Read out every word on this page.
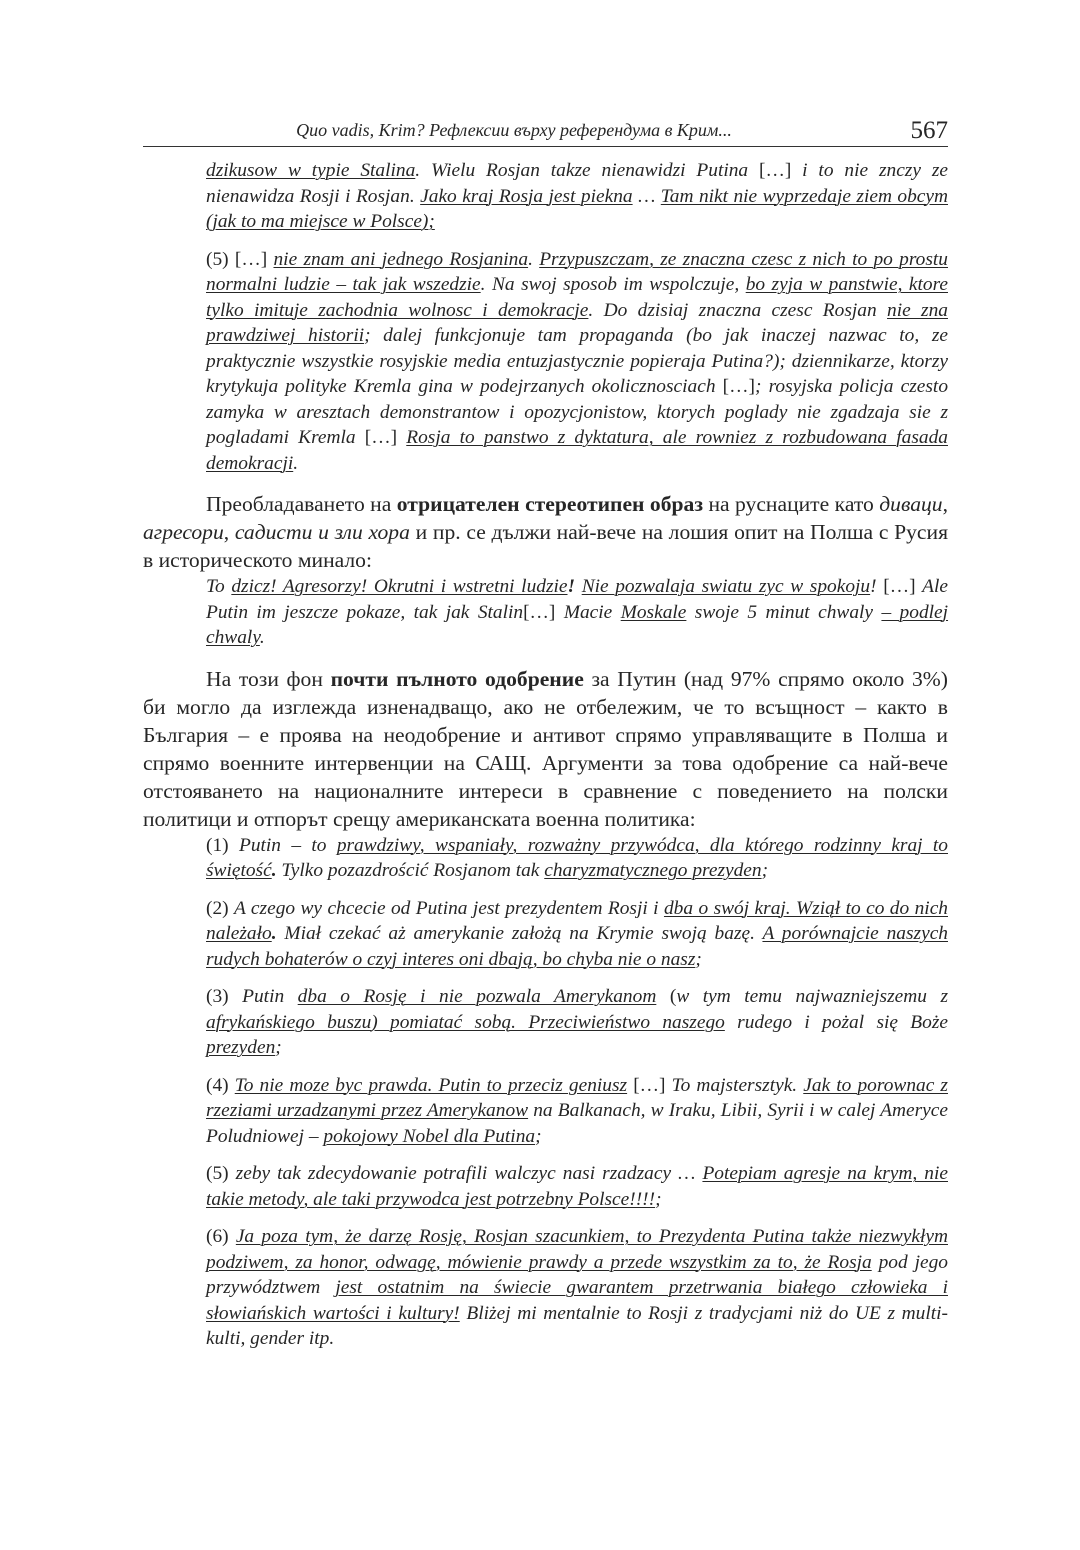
Quo vadis, Krim? Рефлексии върху референдума в Крим...	567
dzikusow w typie Stalina. Wielu Rosjan takze nienawidzi Putina […] i to nie znczy ze nienawidza Rosji i Rosjan. Jako kraj Rosja jest piekna … Tam nikt nie wyprzedaje ziem obcym (jak to ma miejsce w Polsce);
(5) […] nie znam ani jednego Rosjanina. Przypuszczam, ze znaczna czesc z nich to po prostu normalni ludzie – tak jak wszedzie. Na swoj sposob im wspolczuje, bo zyja w panstwie, ktore tylko imituje zachodnia wolnosc i demokracje. Do dzisiaj znaczna czesc Rosjan nie zna prawdziwej historii; dalej funkcjonuje tam propaganda (bo jak inaczej nazwac to, ze praktycznie wszystkie rosyjskie media entuzjastycznie popieraja Putina?); dziennikarze, ktorzy krytykuja polityke Kremla gina w podejrzanych okolicznosciach […]; rosyjska policja czesto zamyka w aresztach demonstrantow i opozycjonistow, ktorych poglady nie zgadzaja sie z pogladami Kremla […] Rosja to panstwo z dyktatura, ale rowniez z rozbudowana fasada demokracji.
Преобладаването на отрицателен стереотипен образ на руснаците като диваци, агресори, садисти и зли хора и пр. се дължи най-вече на лошия опит на Полша с Русия в историческото минало:
To dzicz! Agresorzy! Okrutni i wstretni ludzie! Nie pozwalaja swiatu zyc w spokoju! […] Ale Putin im jeszcze pokaze, tak jak Stalin[…] Macie Moskale swoje 5 minut chwaly – podlej chwaly.
На този фон почти пълното одобрение за Путин (над 97% спрямо около 3%) би могло да изглежда изненадващо, ако не отбележим, че то всъщност – както в България – е проява на неодобрение и антивот спрямо управляващите в Полша и спрямо военните интервенции на САЩ. Аргументи за това одобрение са най-вече отстояването на националните интереси в сравнение с поведението на полски политици и отпорът срещу американската военна политика:
(1) Putin – to prawdziwy, wspaniały, rozważny przywódca, dla którego rodzinny kraj to świętość. Tylko pozazdrościć Rosjanom tak charyzmatycznego prezyden;
(2) A czego wy chcecie od Putina jest prezydentem Rosji i dba o swój kraj. Wziął to co do nich należało. Miał czekać aż amerykanie założą na Krymie swoją bazę. A porównajcie naszych rudych bohaterów o czyj interes oni dbają, bo chyba nie o nasz;
(3) Putin dba o Rosję i nie pozwala Amerykanom (w tym temu najwazniejszemu z afrykańskiego buszu) pomiatać sobą. Przeciwieństwo naszego rudego i pożal się Boże prezyden;
(4) To nie moze byc prawda. Putin to przeciz geniusz […] To majstersztyk. Jak to porownac z rzeziami urzadzanymi przez Amerykanow na Balkanach, w Iraku, Libii, Syrii i w calej Ameryce Poludniowej – pokojowy Nobel dla Putina;
(5) zeby tak zdecydowanie potrafili walczyc nasi rzadzacy … Potepiam agresje na krym, nie takie metody, ale taki przywodca jest potrzebny Polsce!!!!;
(6) Ja poza tym, że darzę Rosję, Rosjan szacunkiem, to Prezydenta Putina także niezwykłym podziwem, za honor, odwagę, mówienie prawdy a przede wszystkim za to, że Rosja pod jego przywództwem jest ostatnim na świecie gwarantem przetrwania białego człowieka i słowiańskich wartości i kultury! Bliżej mi mentalnie to Rosji z tradycjami niż do UE z multi-kulti, gender itp.
